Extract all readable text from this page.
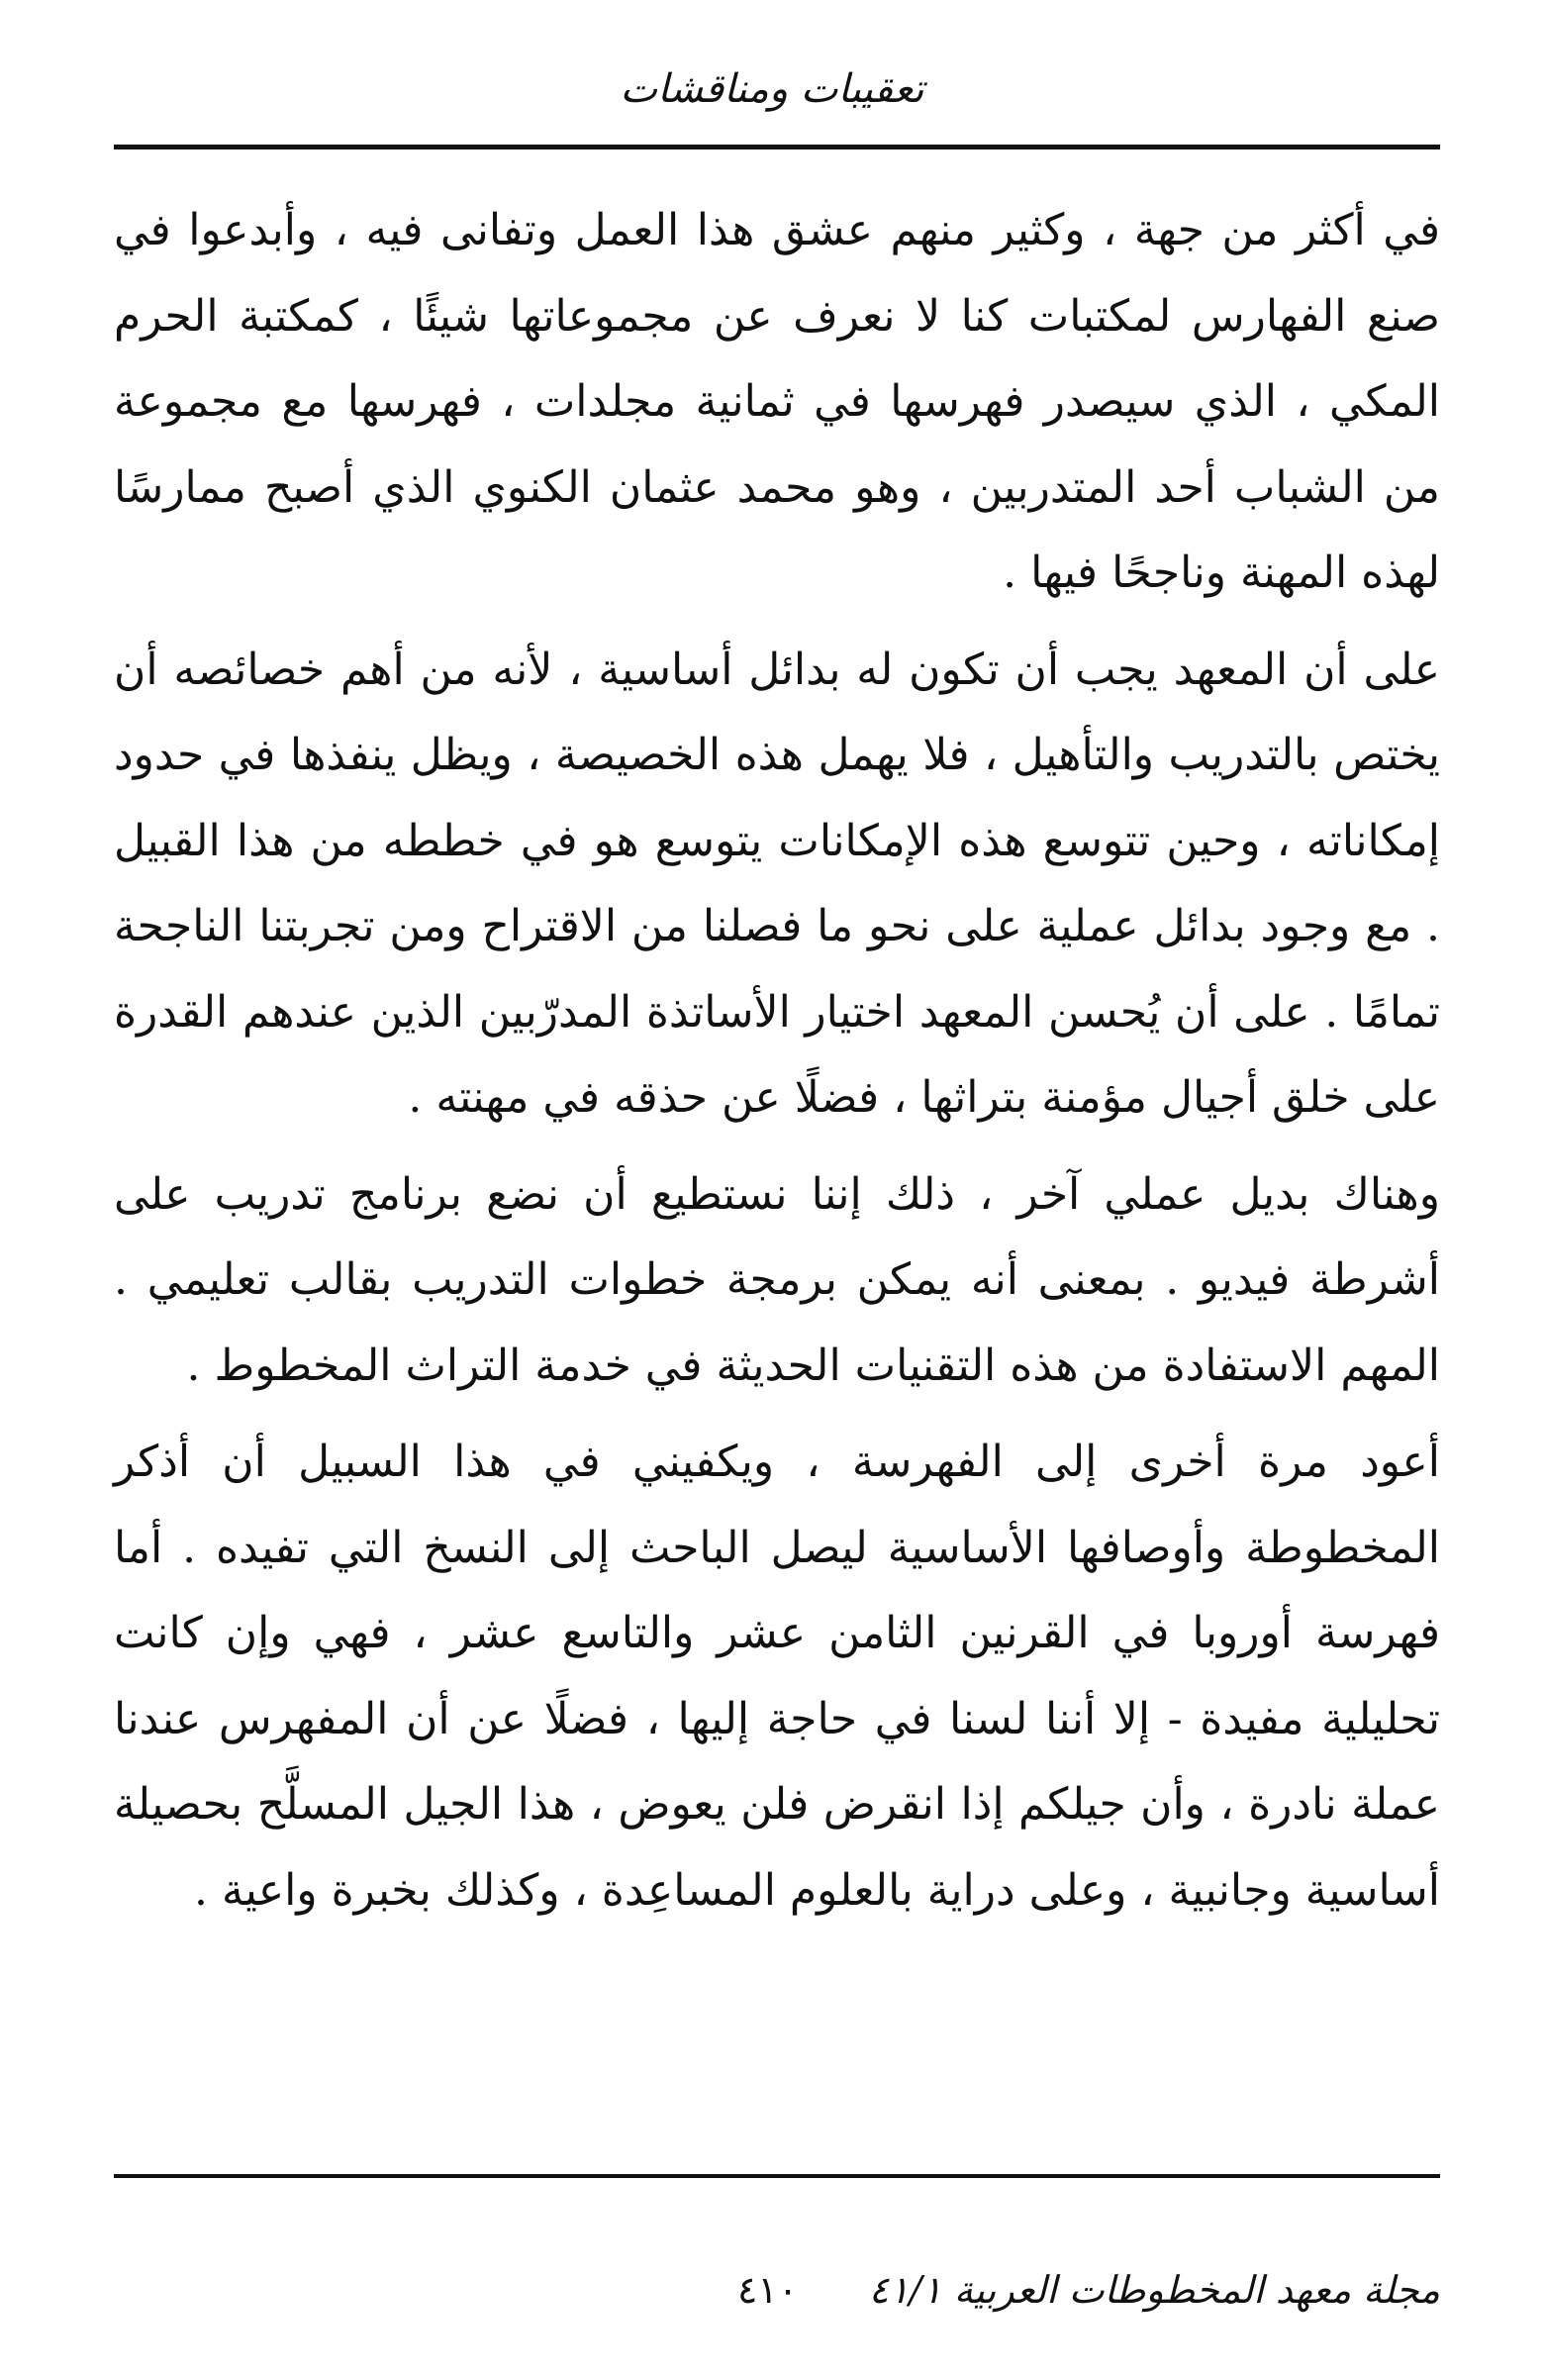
تعقيبات ومناقشات

في أكثر من جهة ، وكثير منهم عشق هذا العمل وتفانى فيه ، وأبدعوا في صنع الفهارس لمكتبات كنا لا نعرف عن مجموعاتها شيئًا ، كمكتبة الحرم المكي ، الذي سيصدر فهرسها في ثمانية مجلدات ، فهرسها مع مجموعة من الشباب أحد المتدربين ، وهو محمد عثمان الكنوي الذي أصبح ممارسًا لهذه المهنة وناجحًا فيها .

على أن المعهد يجب أن تكون له بدائل أساسية ، لأنه من أهم خصائصه أن يختص بالتدريب والتأهيل ، فلا يهمل هذه الخصيصة ، ويظل ينفذها في حدود إمكاناته ، وحين تتوسع هذه الإمكانات يتوسع هو في خططه من هذا القبيل . مع وجود بدائل عملية على نحو ما فصلنا من الاقتراح ومن تجربتنا الناجحة تمامًا . على أن يُحسن المعهد اختيار الأساتذة المدرّبين الذين عندهم القدرة على خلق أجيال مؤمنة بتراثها ، فضلًا عن حذقه في مهنته .

وهناك بديل عملي آخر ، ذلك إننا نستطيع أن نضع برنامج تدريب على أشرطة فيديو . بمعنى أنه يمكن برمجة خطوات التدريب بقالب تعليمي . المهم الاستفادة من هذه التقنيات الحديثة في خدمة التراث المخطوط .

أعود مرة أخرى إلى الفهرسة ، ويكفيني في هذا السبيل أن أذكر المخطوطة وأوصافها الأساسية ليصل الباحث إلى النسخ التي تفيده . أما فهرسة أوروبا في القرنين الثامن عشر والتاسع عشر ، فهي وإن كانت تحليلية مفيدة - إلا أننا لسنا في حاجة إليها ، فضلًا عن أن المفهرس عندنا عملة نادرة ، وأن جيلكم إذا انقرض فلن يعوض ، هذا الجيل المسلَّح بحصيلة أساسية وجانبية ، وعلى دراية بالعلوم المساعِدة ، وكذلك بخبرة واعية .

مجلة معهد المخطوطات العربية ٤١/١
٤١٠
